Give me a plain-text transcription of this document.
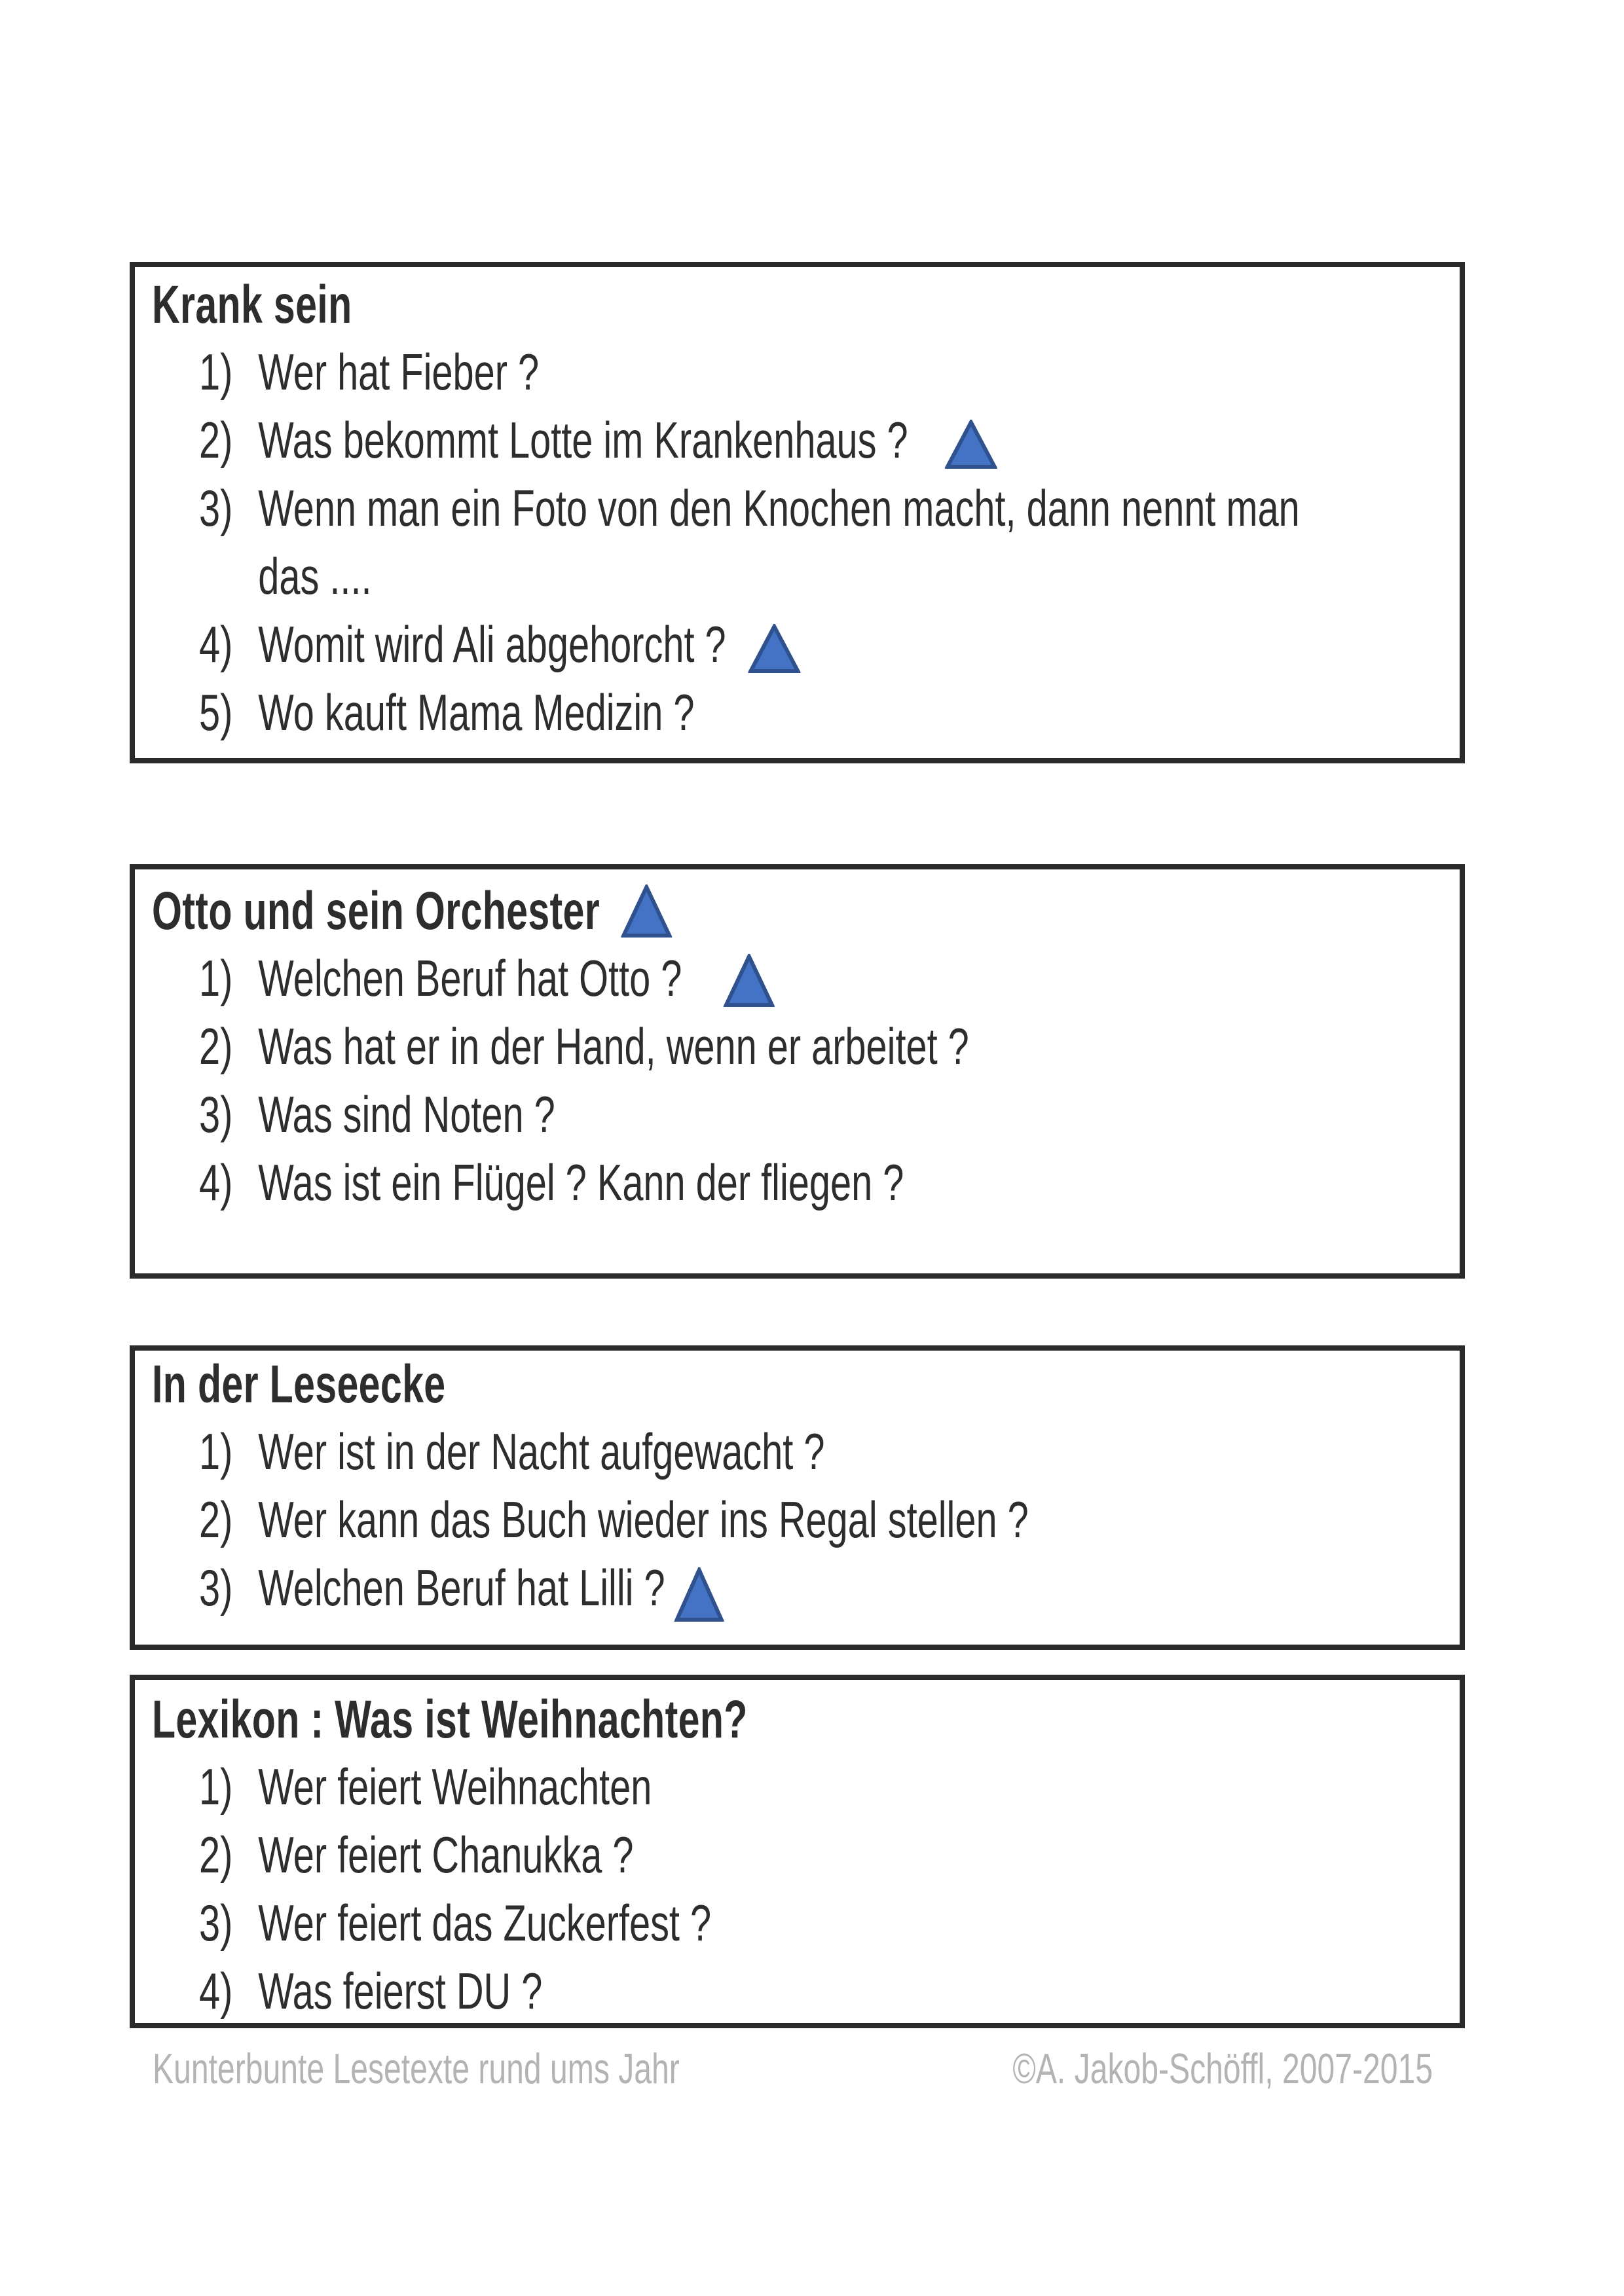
Krank sein
1) Wer hat Fieber ?
2) Was bekommt Lotte im Krankenhaus ?
3) Wenn man ein Foto von den Knochen macht, dann nennt man
das ....
4) Womit wird Ali abgehorcht ?
5) Wo kauft Mama Medizin ?
Otto und sein Orchester
1) Welchen Beruf hat Otto ?
2) Was hat er in der Hand, wenn er arbeitet ?
3) Was sind Noten ?
4) Was ist ein Flügel ? Kann der fliegen ?
In der Leseecke
1) Wer ist in der Nacht aufgewacht ?
2) Wer kann das Buch wieder ins Regal stellen ?
3) Welchen Beruf hat Lilli ?
Lexikon : Was ist Weihnachten?
1) Wer feiert Weihnachten
2) Wer feiert Chanukka ?
3) Wer feiert das Zuckerfest ?
4) Was feierst DU ?
Kunterbunte Lesetexte rund ums Jahr	©A. Jakob-Schöffl, 2007-2015
